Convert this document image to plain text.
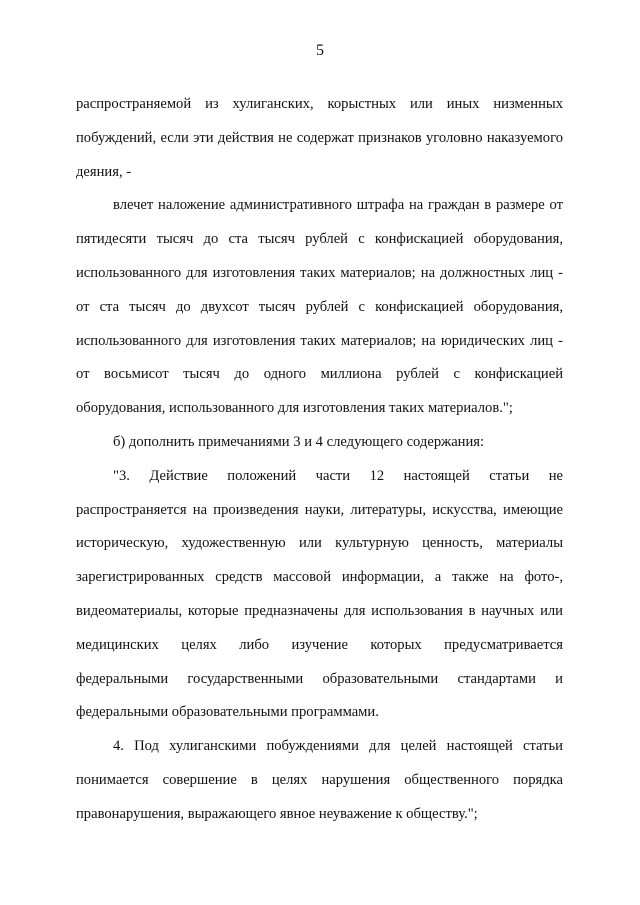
5

распространяемой из хулиганских, корыстных или иных низменных побуждений, если эти действия не содержат признаков уголовно наказуемого деяния, -

влечет наложение административного штрафа на граждан в размере от пятидесяти тысяч до ста тысяч рублей с конфискацией оборудования, использованного для изготовления таких материалов; на должностных лиц - от ста тысяч до двухсот тысяч рублей с конфискацией оборудования, использованного для изготовления таких материалов; на юридических лиц - от восьмисот тысяч до одного миллиона рублей с конфискацией оборудования, использованного для изготовления таких материалов.";

б) дополнить примечаниями 3 и 4 следующего содержания:

"3. Действие положений части 12 настоящей статьи не распространяется на произведения науки, литературы, искусства, имеющие историческую, художественную или культурную ценность, материалы зарегистрированных средств массовой информации, а также на фото-, видеоматериалы, которые предназначены для использования в научных или медицинских целях либо изучение которых предусматривается федеральными государственными образовательными стандартами и федеральными образовательными программами.

4. Под хулиганскими побуждениями для целей настоящей статьи понимается совершение в целях нарушения общественного порядка правонарушения, выражающего явное неуважение к обществу.";
